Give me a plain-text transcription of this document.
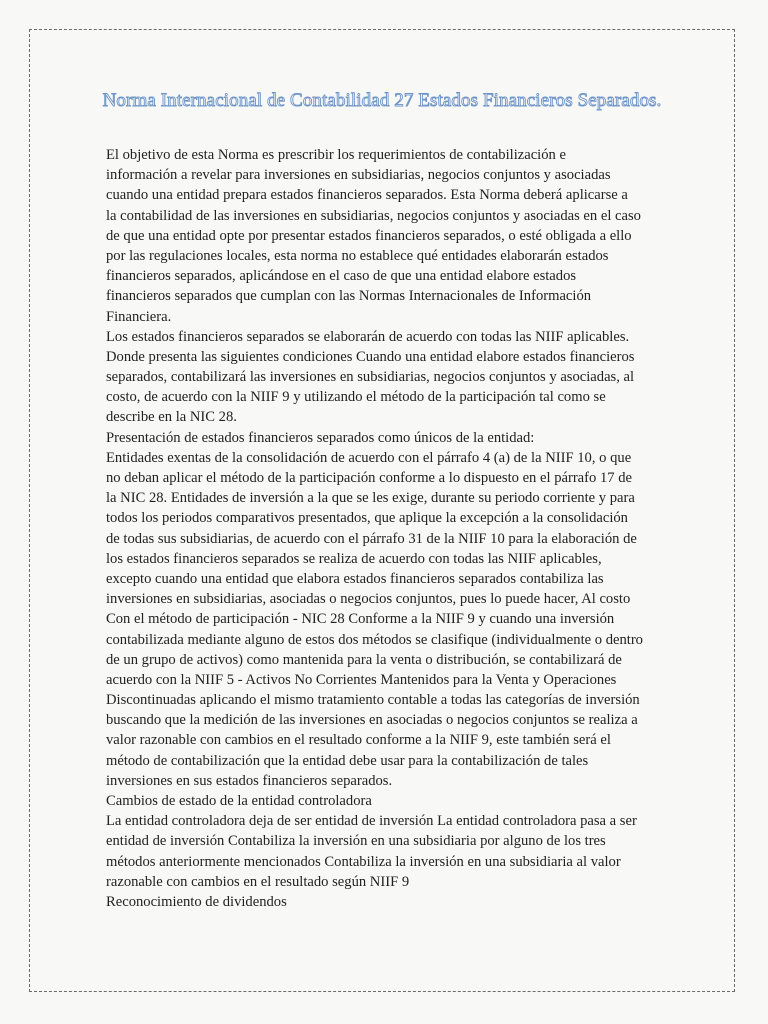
Norma Internacional de Contabilidad 27 Estados Financieros Separados.
El objetivo de esta Norma es prescribir los requerimientos de contabilización e
información a revelar para inversiones en subsidiarias, negocios conjuntos y asociadas
cuando una entidad prepara estados financieros separados. Esta Norma deberá aplicarse a
la contabilidad de las inversiones en subsidiarias, negocios conjuntos y asociadas en el caso
de que una entidad opte por presentar estados financieros separados, o esté obligada a ello
por las regulaciones locales, esta norma no establece qué entidades elaborarán estados
financieros separados, aplicándose en el caso de que una entidad elabore estados
financieros separados que cumplan con las Normas Internacionales de Información
Financiera.
Los estados financieros separados se elaborarán de acuerdo con todas las NIIF aplicables.
Donde presenta las siguientes condiciones Cuando una entidad elabore estados financieros
separados, contabilizará las inversiones en subsidiarias, negocios conjuntos y asociadas, al
costo, de acuerdo con la NIIF 9 y utilizando el método de la participación tal como se
describe en la NIC 28.
Presentación de estados financieros separados como únicos de la entidad:
Entidades exentas de la consolidación de acuerdo con el párrafo 4 (a) de la NIIF 10, o que
no deban aplicar el método de la participación conforme a lo dispuesto en el párrafo 17 de
la NIC 28. Entidades de inversión a la que se les exige, durante su periodo corriente y para
todos los periodos comparativos presentados, que aplique la excepción a la consolidación
de todas sus subsidiarias, de acuerdo con el párrafo 31 de la NIIF 10 para la elaboración de
los estados financieros separados se realiza de acuerdo con todas las NIIF aplicables,
excepto cuando una entidad que elabora estados financieros separados contabiliza las
inversiones en subsidiarias, asociadas o negocios conjuntos, pues lo puede hacer, Al costo
Con el método de participación - NIC 28 Conforme a la NIIF 9 y cuando una inversión
contabilizada mediante alguno de estos dos métodos se clasifique (individualmente o dentro
de un grupo de activos) como mantenida para la venta o distribución, se contabilizará de
acuerdo con la NIIF 5 - Activos No Corrientes Mantenidos para la Venta y Operaciones
Discontinuadas aplicando el mismo tratamiento contable a todas las categorías de inversión
buscando que la medición de las inversiones en asociadas o negocios conjuntos se realiza a
valor razonable con cambios en el resultado conforme a la NIIF 9, este también será el
método de contabilización que la entidad debe usar para la contabilización de tales
inversiones en sus estados financieros separados.
Cambios de estado de la entidad controladora
La entidad controladora deja de ser entidad de inversión La entidad controladora pasa a ser
entidad de inversión Contabiliza la inversión en una subsidiaria por alguno de los tres
métodos anteriormente mencionados Contabiliza la inversión en una subsidiaria al valor
razonable con cambios en el resultado según NIIF 9
Reconocimiento de dividendos
